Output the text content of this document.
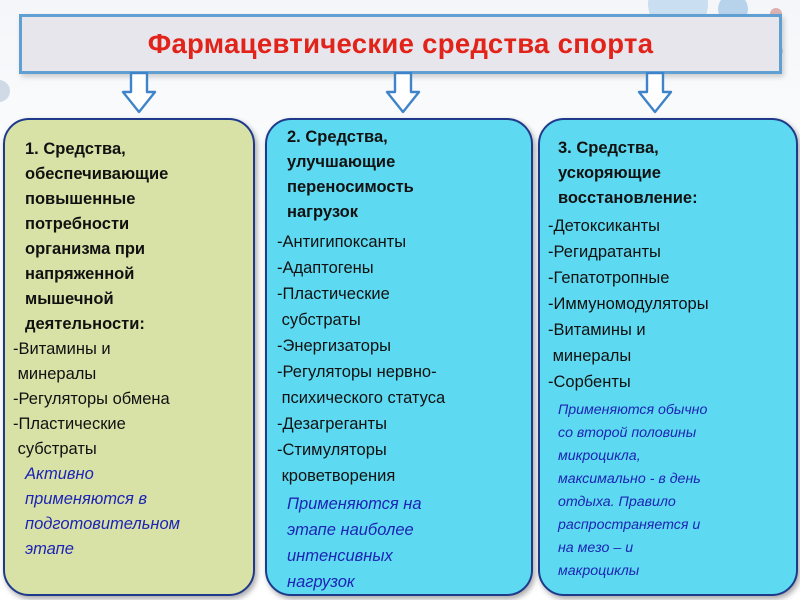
Фармацевтические средства спорта
1. Средства,
обеспечивающие
повышенные
потребности
организма при
напряженной
мышечной
деятельности:
-Витамины и
минералы
-Регуляторы обмена
-Пластические
субстраты
Активно
применяются в
подготовительном
этапе
2. Средства,
улучшающие
переносимость
нагрузок
-Антигипоксанты
-Адаптогены
-Пластические
субстраты
-Энергизаторы
-Регуляторы нервно-
психического статуса
-Дезагреганты
-Стимуляторы
кроветворения
Применяются на
этапе наиболее
интенсивных
нагрузок
3. Средства,
ускоряющие
восстановление:
-Детоксиканты
-Регидратанты
-Гепатотропные
-Иммуномодуляторы
-Витамины и
минералы
-Сорбенты
Применяются обычно
со второй половины
микроцикла,
максимально - в день
отдыха. Правило
распространяется и
на мезо – и
макроциклы
